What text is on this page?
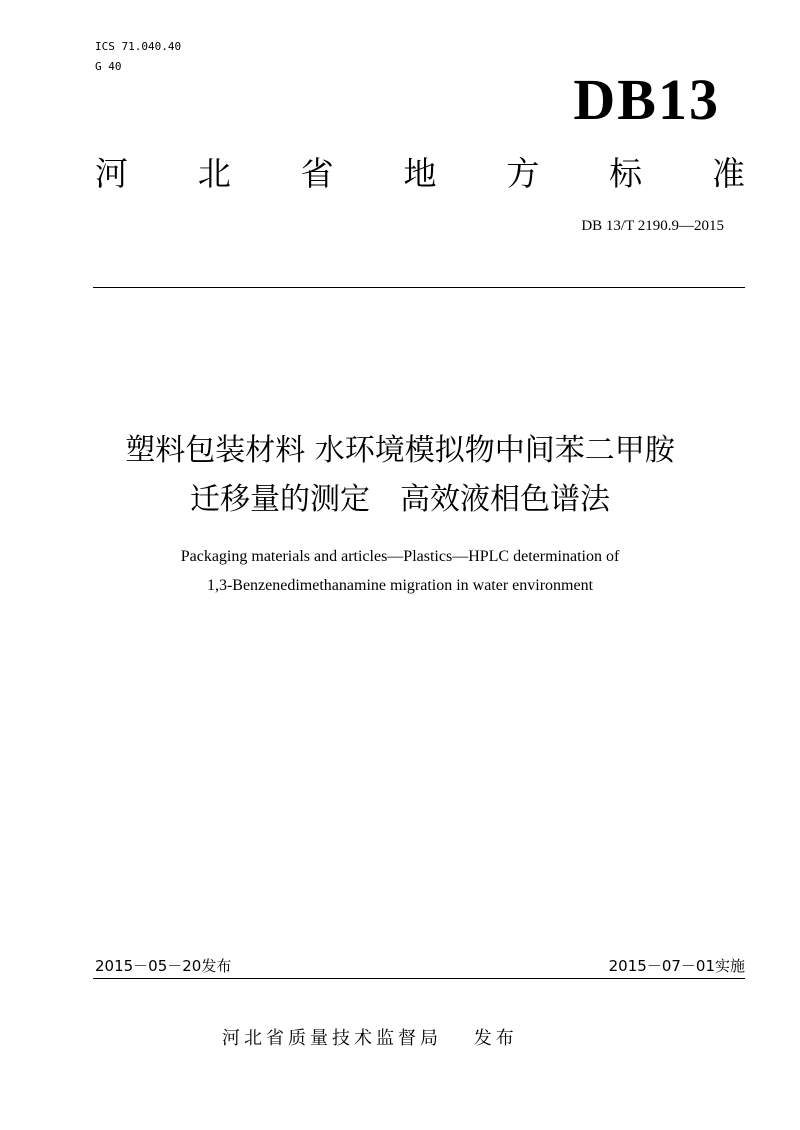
ICS 71.040.40
G 40
DB13
河 北 省 地 方 标 准
DB 13/T 2190.9—2015
塑料包装材料 水环境模拟物中间苯二甲胺
迁移量的测定　高效液相色谱法
Packaging materials and articles—Plastics—HPLC determination of
1,3-Benzenedimethanamine migration in water environment
2015－05－20发布	2015－07－01实施
河北省质量技术监督局　 发布
